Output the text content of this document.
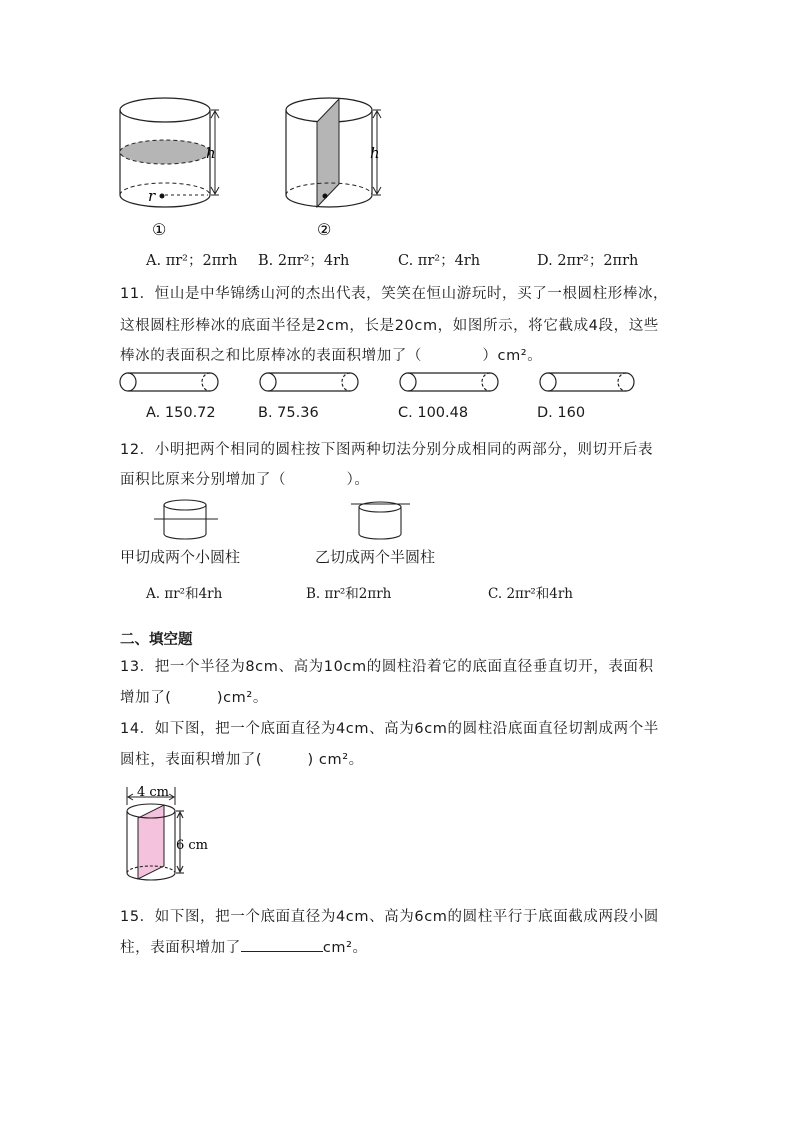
r
h
①
h
②
A. πr²；2πrh B. 2πr²；4rh	C. πr²；4rh	D. 2πr²；2πrh
11．恒山是中华锦绣山河的杰出代表，笑笑在恒山游玩时，买了一根圆柱形棒冰，
这根圆柱形棒冰的底面半径是2cm，长是20cm，如图所示，将它截成4段，这些
棒冰的表面积之和比原棒冰的表面积增加了（　　　　）cm²。
A. 150.72	B. 75.36	C. 100.48	D. 160
12．小明把两个相同的圆柱按下图两种切法分别分成相同的两部分，则切开后表
面积比原来分别增加了（　　　　）。
甲切成两个小圆柱	乙切成两个半圆柱
A. πr²和4rh	B. πr²和2πrh	C. 2πr²和4rh
二、填空题
13．把一个半径为8cm、高为10cm的圆柱沿着它的底面直径垂直切开，表面积
增加了(　　　)cm²。
14．如下图，把一个底面直径为4cm、高为6cm的圆柱沿底面直径切割成两个半
圆柱，表面积增加了(　　　) cm²。
4 cm
6 cm
15．如下图，把一个底面直径为4cm、高为6cm的圆柱平行于底面截成两段小圆
柱，表面积增加了	cm²。
